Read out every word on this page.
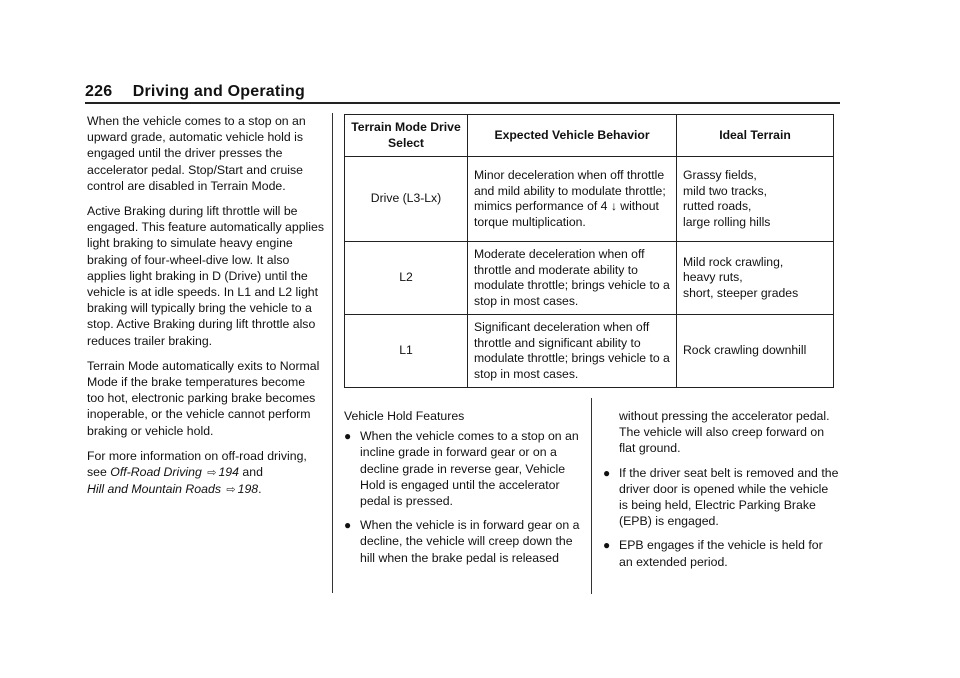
226 Driving and Operating

When the vehicle comes to a stop on an upward grade, automatic vehicle hold is engaged until the driver presses the accelerator pedal. Stop/Start and cruise control are disabled in Terrain Mode.

Active Braking during lift throttle will be engaged. This feature automatically applies light braking to simulate heavy engine braking of four-wheel-dive low. It also applies light braking in D (Drive) until the vehicle is at idle speeds. In L1 and L2 light braking will typically bring the vehicle to a stop. Active Braking during lift throttle also reduces trailer braking.

Terrain Mode automatically exits to Normal Mode if the brake temperatures become too hot, electronic parking brake becomes inoperable, or the vehicle cannot perform braking or vehicle hold.

For more information on off-road driving, see Off-Road Driving ⇨ 194 and
Hill and Mountain Roads ⇨ 198.

Terrain Mode Drive Select	Expected Vehicle Behavior	Ideal Terrain
Drive (L3-Lx)	Minor deceleration when off throttle and mild ability to modulate throttle; mimics performance of 4 ↓ without torque multiplication.	Grassy fields,
mild two tracks,
rutted roads,
large rolling hills

L2	Moderate deceleration when off throttle and moderate ability to modulate throttle; brings vehicle to a stop in most cases.	Mild rock crawling,
heavy ruts,
short, steeper grades

L1	Significant deceleration when off throttle and significant ability to modulate throttle; brings vehicle to a stop in most cases.	Rock crawling downhill

Vehicle Hold Features

● When the vehicle comes to a stop on an incline grade in forward gear or on a decline grade in reverse gear, Vehicle Hold is engaged until the accelerator pedal is pressed.
● When the vehicle is in forward gear on a decline, the vehicle will creep down the hill when the brake pedal is released

without pressing the accelerator pedal. The vehicle will also creep forward on flat ground.

● If the driver seat belt is removed and the driver door is opened while the vehicle is being held, Electric Parking Brake (EPB) is engaged.
● EPB engages if the vehicle is held for an extended period.
